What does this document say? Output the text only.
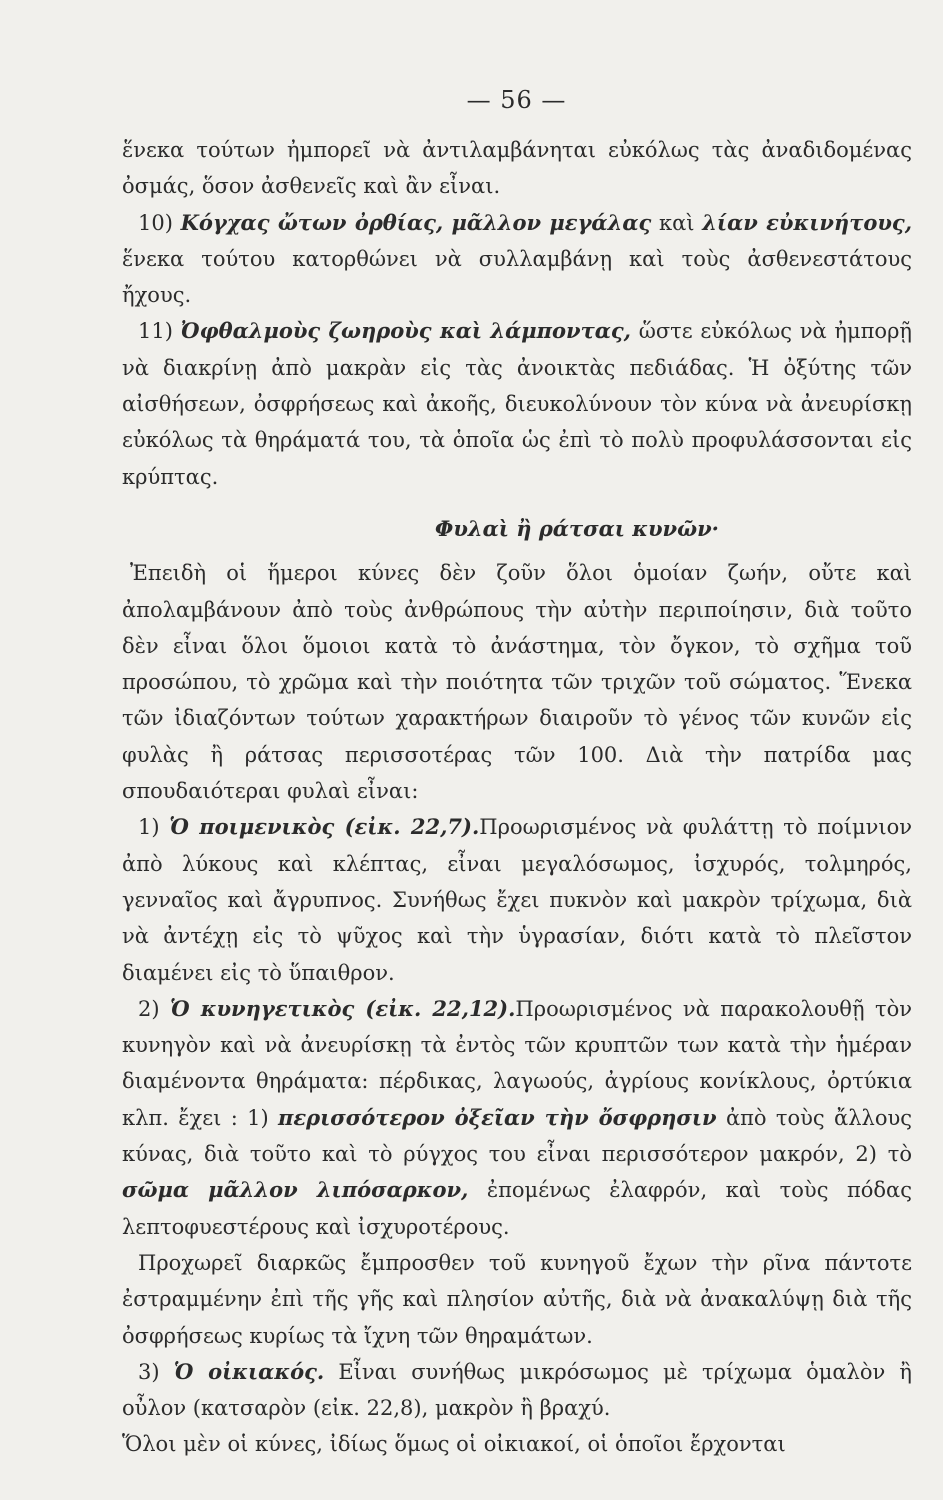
— 56 —

ἕνεκα τούτων ἠμπορεῖ νὰ ἀντιλαμβάνηται εὐκόλως τὰς ἀναδιδομένας ὀσμάς, ὅσον ἀσθενεῖς καὶ ἂν εἶναι.

10) Κόγχας ὤτων ὀρθίας, μᾶλλον μεγάλας καὶ λίαν εὐκινήτους, ἕνεκα τούτου κατορθώνει νὰ συλλαμβάνῃ καὶ τοὺς ἀσθενεστάτους ἤχους.

11) Ὀφθαλμοὺς ζωηροὺς καὶ λάμποντας, ὥστε εὐκόλως νὰ ἠμπορῇ νὰ διακρίνῃ ἀπὸ μακρὰν εἰς τὰς ἀνοικτὰς πεδιάδας. Ἡ ὀξύτης τῶν αἰσθήσεων, ὀσφρήσεως καὶ ἀκοῆς, διευκολύνουν τὸν κύνα νὰ ἀνευρίσκῃ εὐκόλως τὰ θηράματά του, τὰ ὁποῖα ὡς ἐπὶ τὸ πολὺ προφυλάσσονται εἰς κρύπτας.

Φυλαὶ ἢ ράτσαι κυνῶν·

Ἐπειδὴ οἱ ἥμεροι κύνες δὲν ζοῦν ὅλοι ὁμοίαν ζωήν, οὔτε καὶ ἀπολαμβάνουν ἀπὸ τοὺς ἀνθρώπους τὴν αὐτὴν περιποίησιν, διὰ τοῦτο δὲν εἶναι ὅλοι ὅμοιοι κατὰ τὸ ἀνάστημα, τὸν ὄγκον, τὸ σχῆμα τοῦ προσώπου, τὸ χρῶμα καὶ τὴν ποιότητα τῶν τριχῶν τοῦ σώματος. Ἕνεκα τῶν ἰδιαζόντων τούτων χαρακτήρων διαιροῦν τὸ γένος τῶν κυνῶν εἰς φυλὰς ἢ ράτσας περισσοτέρας τῶν 100. Διὰ τὴν πατρίδα μας σπουδαιότεραι φυλαὶ εἶναι:

1) Ὁ ποιμενικὸς (εἰκ. 22,7).Προωρισμένος νὰ φυλάττῃ τὸ ποίμνιον ἀπὸ λύκους καὶ κλέπτας, εἶναι μεγαλόσωμος, ἰσχυρός, τολμηρός, γενναῖος καὶ ἄγρυπνος. Συνήθως ἔχει πυκνὸν καὶ μακρὸν τρίχωμα, διὰ νὰ ἀντέχῃ εἰς τὸ ψῦχος καὶ τὴν ὑγρασίαν, διότι κατὰ τὸ πλεῖστον διαμένει εἰς τὸ ὕπαιθρον.

2) Ὁ κυνηγετικὸς (εἰκ. 22,12).Προωρισμένος νὰ παρακολουθῇ τὸν κυνηγὸν καὶ νὰ ἀνευρίσκῃ τὰ ἐντὸς τῶν κρυπτῶν των κατὰ τὴν ἡμέραν διαμένοντα θηράματα: πέρδικας, λαγωούς, ἀγρίους κονίκλους, ὀρτύκια κλπ. ἔχει : 1) περισσότερον ὀξεῖαν τὴν ὄσφρησιν ἀπὸ τοὺς ἄλλους κύνας, διὰ τοῦτο καὶ τὸ ρύγχος του εἶναι περισσότερον μακρόν, 2) τὸ σῶμα μᾶλλον λιπόσαρκον, ἐπομένως ἐλαφρόν, καὶ τοὺς πόδας λεπτοφυεστέρους καὶ ἰσχυροτέρους.

Προχωρεῖ διαρκῶς ἔμπροσθεν τοῦ κυνηγοῦ ἔχων τὴν ρῖνα πάντοτε ἐστραμμένην ἐπὶ τῆς γῆς καὶ πλησίον αὐτῆς, διὰ νὰ ἀνακαλύψῃ διὰ τῆς ὀσφρήσεως κυρίως τὰ ἴχνη τῶν θηραμάτων.

3) Ὁ οἰκιακός. Εἶναι συνήθως μικρόσωμος μὲ τρίχωμα ὁμαλὸν ἢ οὖλον (κατσαρὸν (εἰκ. 22,8), μακρὸν ἢ βραχύ.

Ὅλοι μὲν οἱ κύνες, ἰδίως ὅμως οἱ οἰκιακοί, οἱ ὁποῖοι ἔρχονται
